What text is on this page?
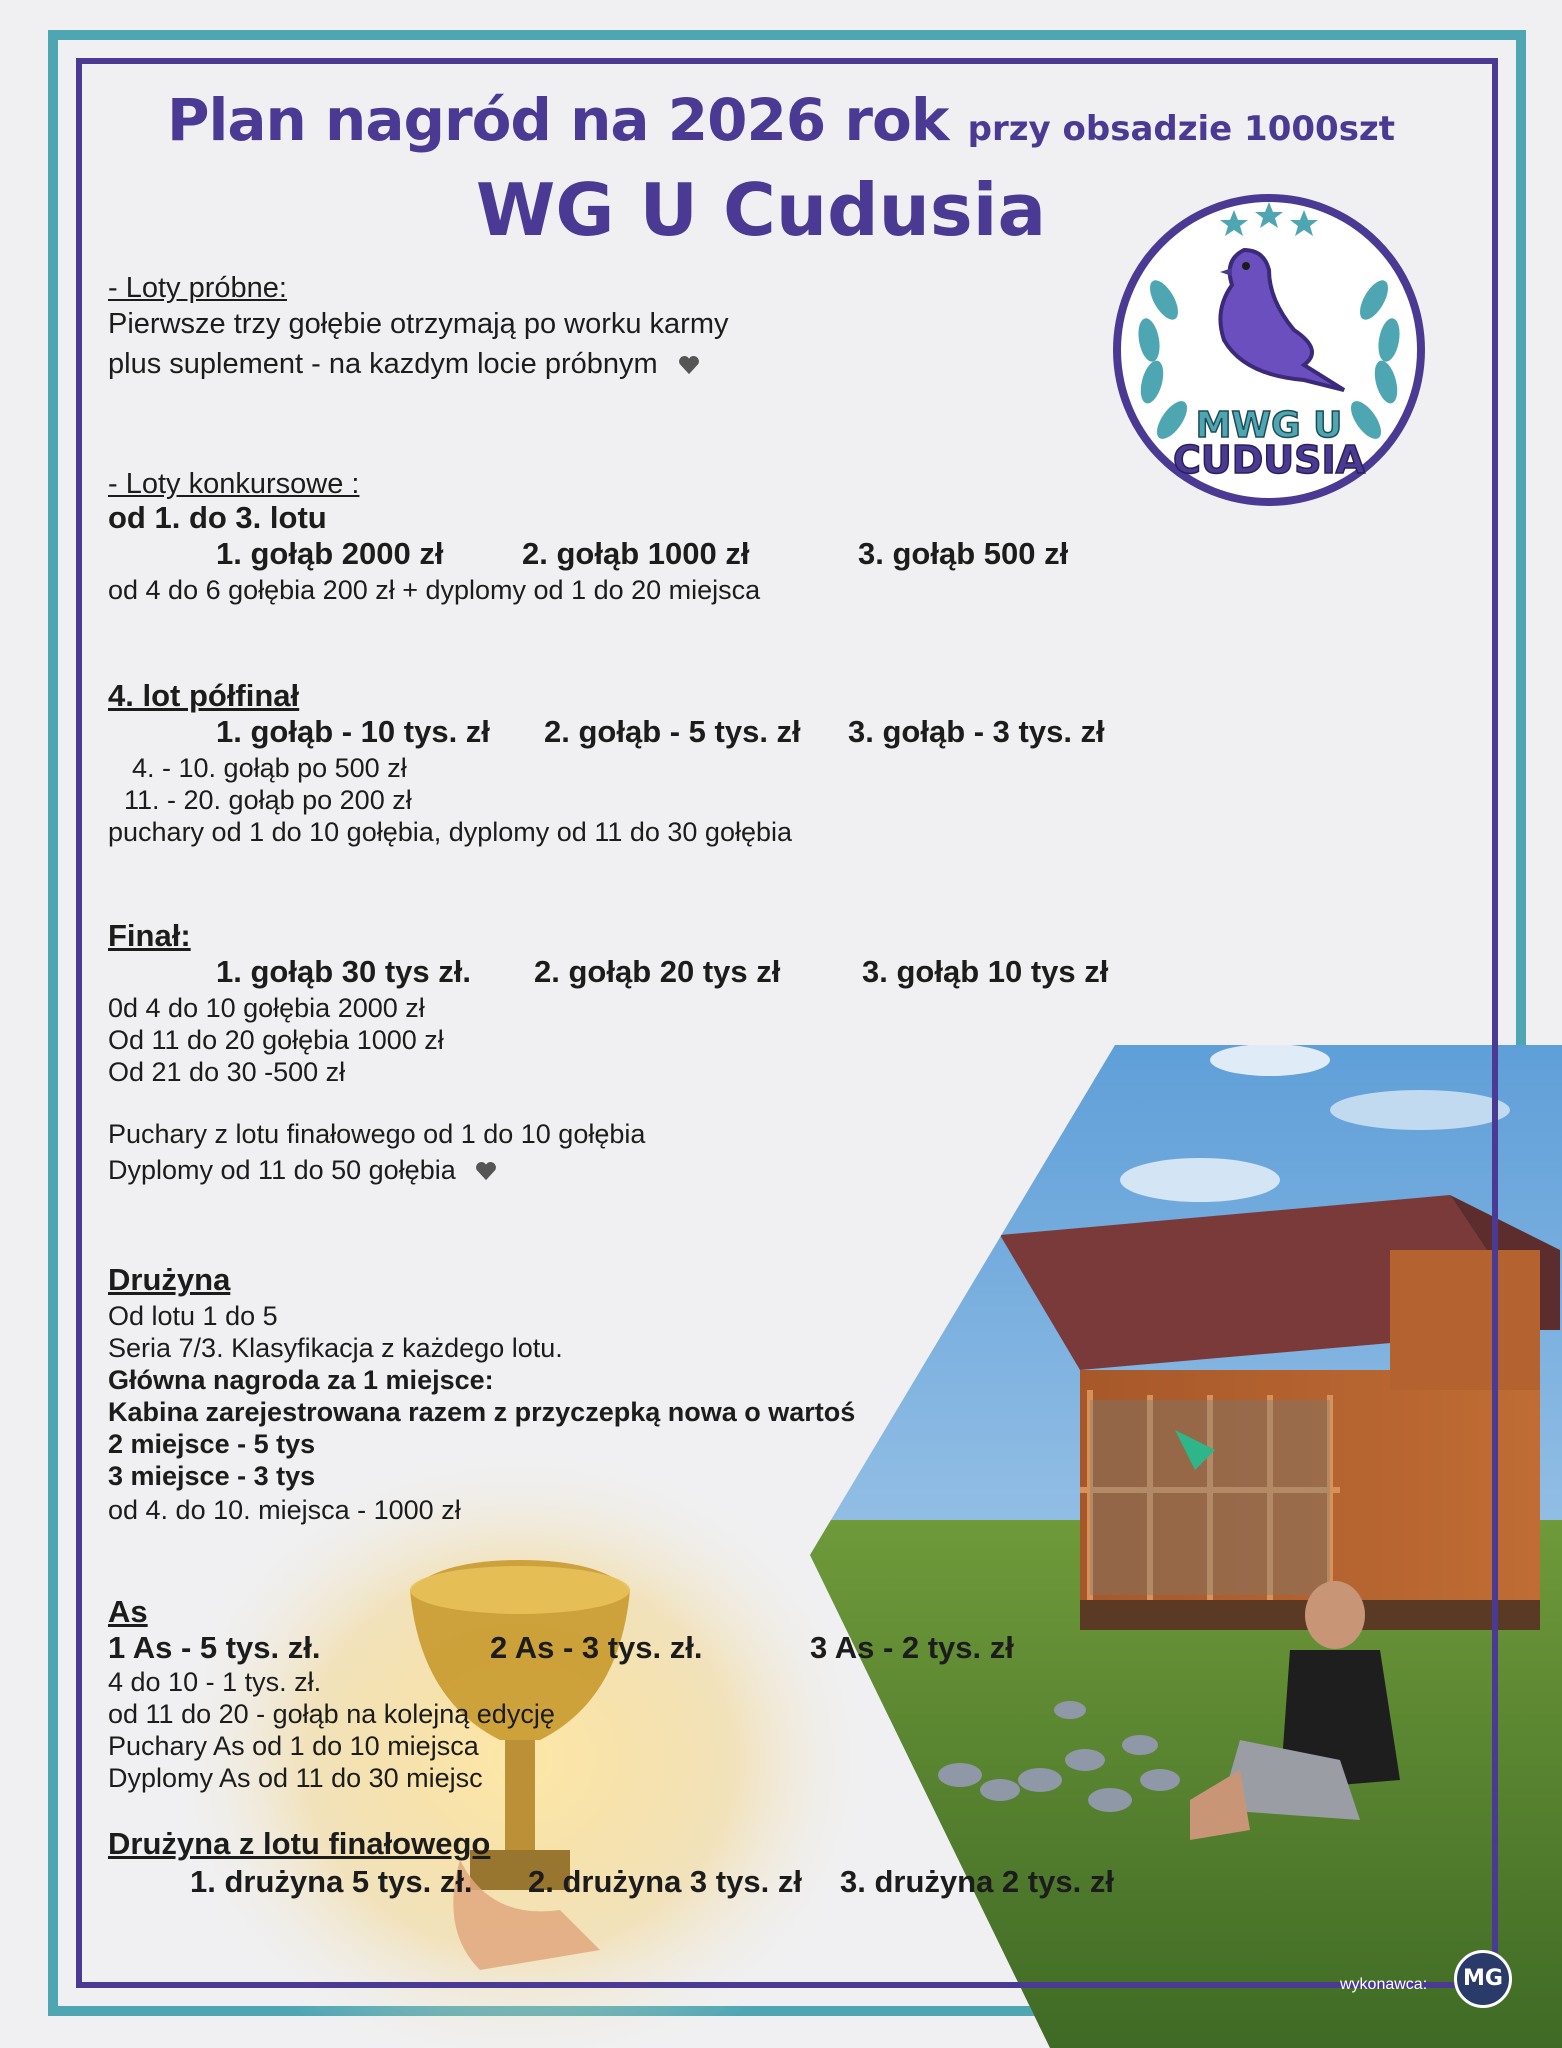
Plan nagród na 2026 rok przy obsadzie 1000szt
WG U Cudusia
MWG U
CUDUSIA
- Loty próbne:
Pierwsze trzy gołębie otrzymają po worku karmy
plus suplement - na kazdym locie próbnym
- Loty konkursowe :
od 1. do 3. lotu
1. gołąb 2000 zł	2. gołąb 1000 zł	3. gołąb 500 zł
od 4 do 6 gołębia 200 zł + dyplomy od 1 do 20 miejsca
4. lot półfinał
1. gołąb - 10 tys. zł 2. gołąb - 5 tys. zł 3. gołąb - 3 tys. zł
4. - 10. gołąb po 500 zł
11. - 20. gołąb po 200 zł
puchary od 1 do 10 gołębia, dyplomy od 11 do 30 gołębia
Finał:
1. gołąb 30 tys zł. 2. gołąb 20 tys zł	3. gołąb 10 tys zł
0d 4 do 10 gołębia 2000 zł
Od 11 do 20 gołębia 1000 zł
Od 21 do 30 -500 zł
Puchary z lotu finałowego od 1 do 10 gołębia
Dyplomy od 11 do 50 gołębia
Drużyna
Od lotu 1 do 5
Seria 7/3. Klasyfikacja z każdego lotu.
Główna nagroda za 1 miejsce:
Kabina zarejestrowana razem z przyczepką nowa o wartoś
2 miejsce - 5 tys
3 miejsce - 3 tys
od 4. do 10. miejsca - 1000 zł
As
1 As - 5 tys. zł.	2 As - 3 tys. zł.	3 As - 2 tys. zł
4 do 10 - 1 tys. zł.
od 11 do 20 - gołąb na kolejną edycję
Puchary As od 1 do 10 miejsca
Dyplomy As od 11 do 30 miejsc
Drużyna z lotu finałowego
1. drużyna 5 tys. zł. 2. drużyna 3 tys. zł 3. drużyna 2 tys. zł
wykonawca:	MG
